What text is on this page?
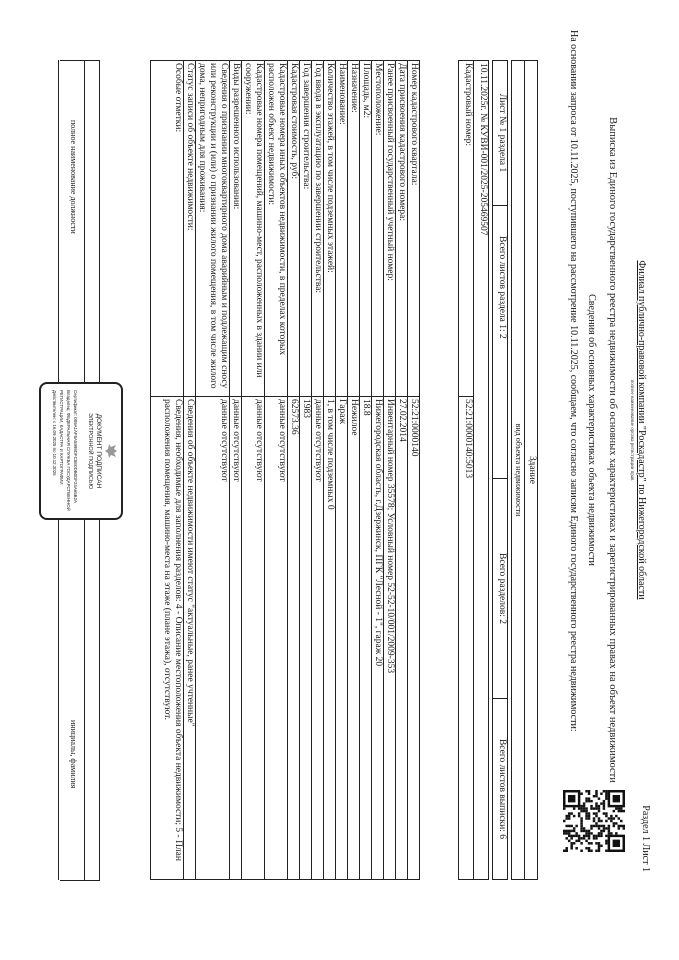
Раздел 1 Лист 1
Филиал публично-правовой компании "Роскадастр" по Нижегородской области
полное наименование органа регистрации прав
Выписка из Единого государственного реестра недвижимости об основных характеристиках и зарегистрированных правах на объект недвижимости
Сведения об основных характеристиках объекта недвижимости
На основании запроса от 10.11.2025, поступившего на рассмотрение 10.11.2025, сообщаем, что согласно записям Единого государственного реестра недвижимости:
Здание
вид объекта недвижимости
Лист № 1 раздела 1	Всего листов раздела 1: 2	Всего разделов: 2	Всего листов выписки: 6
10.11.2025г. № КУВИ-001/2025-205469507
Кадастровый номер:	52:21:0000140:5013
Номер кадастрового квартала:	52:21:0000140
Дата присвоения кадастрового номера:	27.02.2014
Ранее присвоенный государственный учетный номер:	Инвентарный номер 35578; Условный номер 52-52-10/001/2009-353
Местоположение:	Нижегородская область, г.Дзержинск, ПГК "Лесной - 1", гараж 20
Площадь, м2:	18.8
Назначение:	Нежилое
Наименование:	Гараж
Количество этажей, в том числе подземных этажей:	1, в том числе подземных 0
Год ввода в эксплуатацию по завершении строительства:	данные отсутствуют
Год завершения строительства:	1983
Кадастровая стоимость, руб:	62573.36
Кадастровые номера иных объектов недвижимости, в пределах которых расположен объект недвижимости:	данные отсутствуют
Кадастровые номера помещений, машино-мест, расположенных в здании или сооружении:	данные отсутствуют
Виды разрешенного использования:	данные отсутствуют
Сведения о признании многоквартирного дома аварийным и подлежащим сносу или реконструкции и (или) о признании жилого помещения, в том числе жилого дома, непригодным для проживания:	данные отсутствуют
Статус записи об объекте недвижимости:	Сведения об объекте недвижимости имеют статус "актуальные, ранее учтенные"
Особые отметки:	Сведения, необходимые для заполнения разделов: 4 - Описание местоположения объекта недвижимости; 5 - План расположения помещения, машино-места на этаже (плане этажа), отсутствуют.
полное наименование должности
инициалы, фамилия
ДОКУМЕНТ ПОДПИСАН
ЭЛЕКТРОННОЙ ПОДПИСЬЮ
Сертификат: 009A1AF5A5999DFC5E0DB0DF24A65B2A
Владелец: ФЕДЕРАЛЬНАЯ СЛУЖБА ГОСУДАРСТВЕННОЙ
РЕГИСТРАЦИИ, КАДАСТРА И КАРТОГРАФИИ
Действителен: с 16.09.2025 по 10.12.2026
